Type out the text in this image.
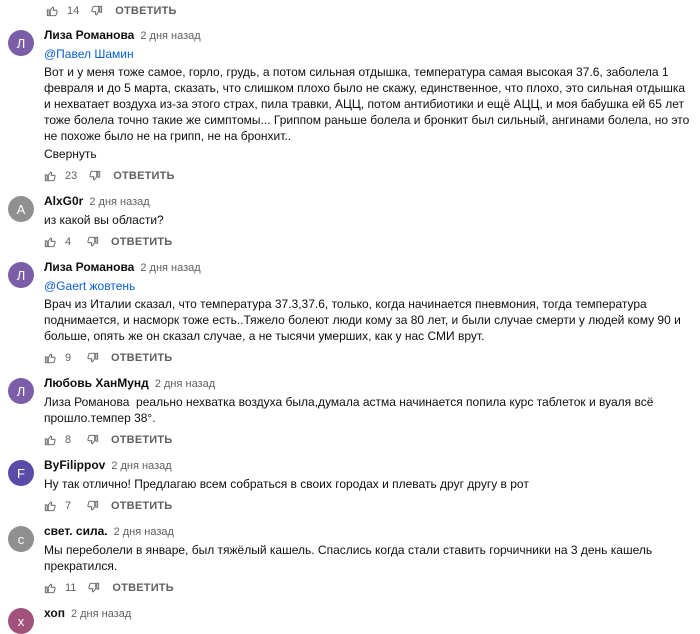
14	ОТВЕТИТЬ
Л
Лиза Романова 2 дня назад
@Павел Шамин
Вот и у меня тоже самое, горло, грудь, а потом сильная отдышка, температура самая высокая 37.6, заболела 1 февраля и до 5 марта, сказать, что слишком плохо было не скажу, единственное, что плохо, это сильная отдышка и нехватает воздуха из-за этого страх, пила травки, АЦЦ, потом антибиотики и ещё АЦЦ, и моя бабушка ей 65 лет тоже болела точно такие же симптомы... Гриппом раньше болела и бронкит был сильный, ангинами болела, но это не похоже было не на грипп, не на бронхит..
Свернуть
23	ОТВЕТИТЬ
A
AlxG0r 2 дня назад
из какой вы области?
4	ОТВЕТИТЬ
Л
Лиза Романова 2 дня назад
@Gaert жовтень
Врач из Италии сказал, что температура 37.3,37.6, только, когда начинается пневмония, тогда температура поднимается, и насморк тоже есть..Тяжело болеют люди кому за 80 лет, и были случае смерти у людей кому 90 и больше, опять же он сказал случае, а не тысячи умерших, как у нас СМИ врут.
9	ОТВЕТИТЬ
Л
Любовь ХанМунд 2 дня назад
Лиза Романова  реально нехватка воздуха была,думала астма начинается попила курс таблеток и вуаля всё прошло.темпер 38°.
8	ОТВЕТИТЬ
F
ByFilippov 2 дня назад
Ну так отлично! Предлагаю всем собраться в своих городах и плевать друг другу в рот
7	ОТВЕТИТЬ
с
свет. сила. 2 дня назад
Мы переболели в январе, был тяжёлый кашель. Спаслись когда стали ставить горчичники на 3 день кашель прекратился.
11	ОТВЕТИТЬ
х
хоп 2 дня назад
